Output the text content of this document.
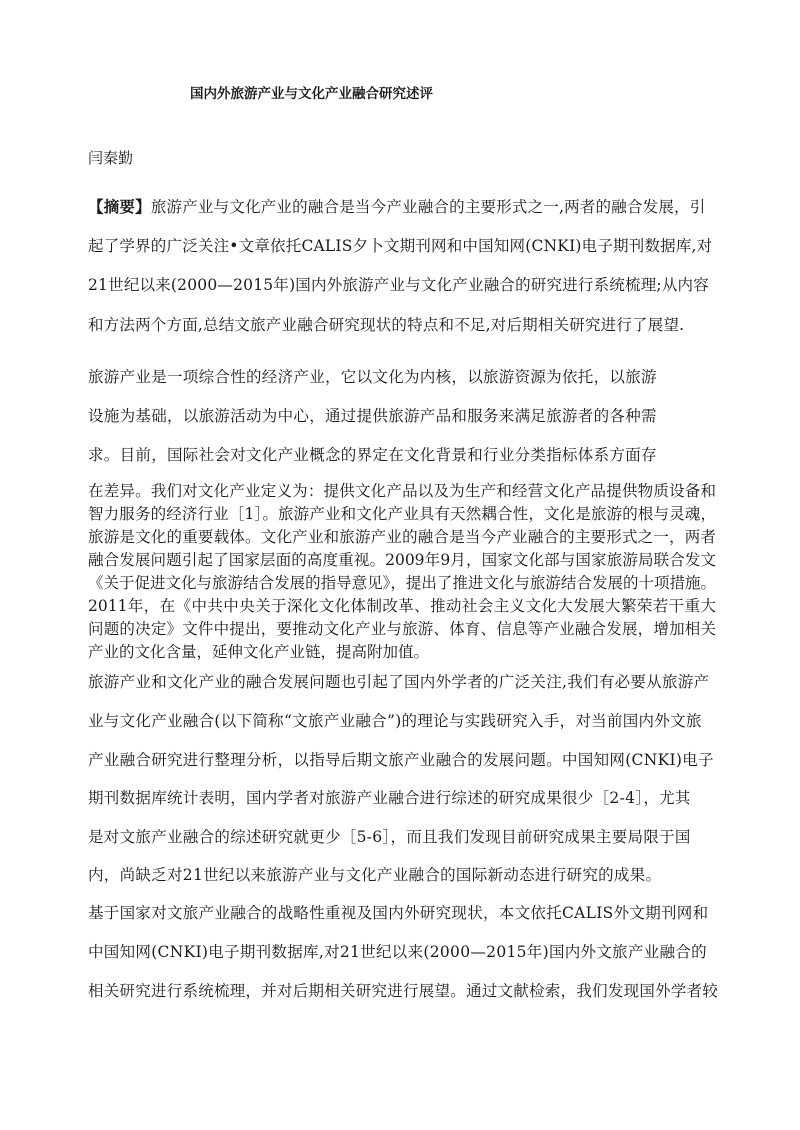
国内外旅游产业与文化产业融合研究述评
闫秦勤
【摘要】旅游产业与文化产业的融合是当今产业融合的主要形式之一,两者的融合发展，引
起了学界的广泛关注•文章依托CALIS夕卜文期刊网和中国知网(CNKI)电子期刊数据库,对
21世纪以来(2000—2015年)国内外旅游产业与文化产业融合的研究进行系统梳理;从内容
和方法两个方面,总结文旅产业融合研究现状的特点和不足,对后期相关研究进行了展望.
旅游产业是一项综合性的经济产业，它以文化为内核，以旅游资源为依托，以旅游
设施为基础，以旅游活动为中心，通过提供旅游产品和服务来满足旅游者的各种需
求。目前，国际社会对文化产业概念的界定在文化背景和行业分类指标体系方面存
在差异。我们对文化产业定义为：提供文化产品以及为生产和经营文化产品提供物质设备和智力服务的经济行业［1］。旅游产业和文化产业具有天然耦合性，文化是旅游的根与灵魂，旅游是文化的重要载体。文化产业和旅游产业的融合是当今产业融合的主要形式之一，两者融合发展问题引起了国家层面的高度重视。2009年9月，国家文化部与国家旅游局联合发文《关于促进文化与旅游结合发展的指导意见》，提出了推进文化与旅游结合发展的十项措施。2011年，在《中共中央关于深化文化体制改革、推动社会主义文化大发展大繁荣若干重大问题的决定》文件中提出，要推动文化产业与旅游、体育、信息等产业融合发展，增加相关产业的文化含量，延伸文化产业链，提高附加值。
旅游产业和文化产业的融合发展问题也引起了国内外学者的广泛关注,我们有必要从旅游产
业与文化产业融合(以下简称“文旅产业融合”)的理论与实践研究入手，对当前国内外文旅
产业融合研究进行整理分析，以指导后期文旅产业融合的发展问题。中国知网(CNKI)电子
期刊数据库统计表明，国内学者对旅游产业融合进行综述的研究成果很少［2-4］，尤其
是对文旅产业融合的综述研究就更少［5-6］，而且我们发现目前研究成果主要局限于国
内，尚缺乏对21世纪以来旅游产业与文化产业融合的国际新动态进行研究的成果。
基于国家对文旅产业融合的战略性重视及国内外研究现状，本文依托CALIS外文期刊网和
中国知网(CNKI)电子期刊数据库,对21世纪以来(2000—2015年)国内外文旅产业融合的
相关研究进行系统梳理，并对后期相关研究进行展望。通过文献检索，我们发现国外学者较
